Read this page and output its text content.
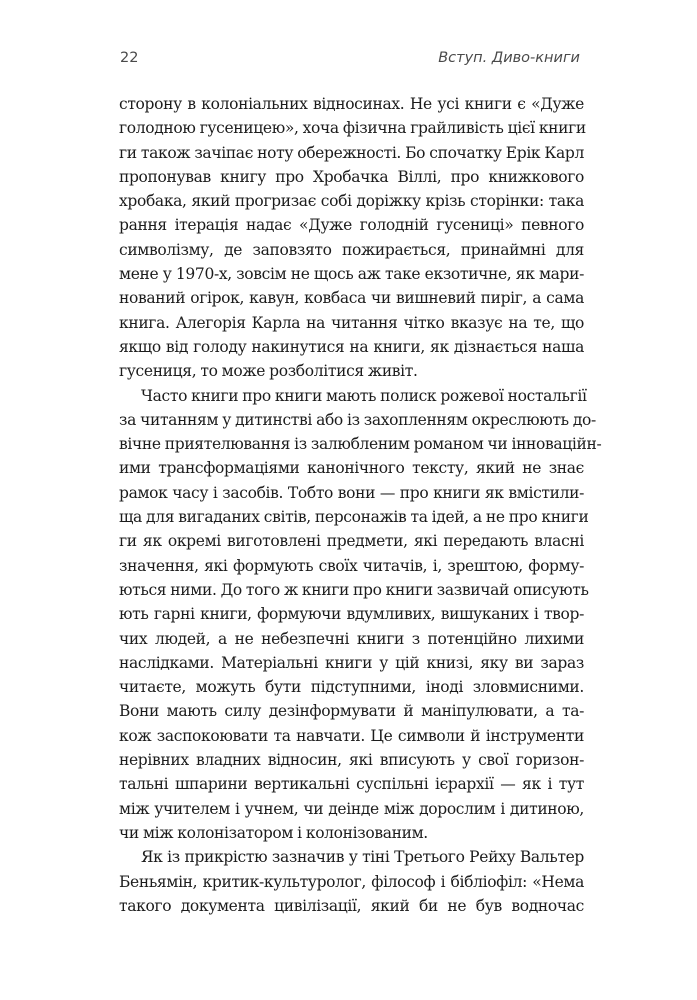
22	Вступ. Диво-книги
сторону в колоніальних відносинах. Не усі книги є «Дуже
голодною гусеницею», хоча фізична грайливість цієї книги
ги також зачіпає ноту обережності. Бо спочатку Ерік Карл
пропонував книгу про Хробачка Віллі, про книжкового
хробака, який прогризає собі доріжку крізь сторінки: така
рання ітерація надає «Дуже голодній гусениці» певного
символізму, де заповзято пожирається, принаймні для
мене у 1970-х, зовсім не щось аж таке екзотичне, як мари-
нований огірок, кавун, ковбаса чи вишневий пиріг, а сама
книга. Алегорія Карла на читання чітко вказує на те, що
якщо від голоду накинутися на книги, як дізнається наша
гусениця, то може розболітися живіт.
Часто книги про книги мають полиск рожевої ностальгії
за читанням у дитинстві або із захопленням окреслюють до-
вічне приятелювання із залюбленим романом чи інноваційн-
ими трансформаціями канонічного тексту, який не знає
рамок часу і засобів. Тобто вони — про книги як вмістили-
ща для вигаданих світів, персонажів та ідей, а не про книги
ги як окремі виготовлені предмети, які передають власні
значення, які формують своїх читачів, і, зрештою, форму-
ються ними. До того ж книги про книги зазвичай описують
ють гарні книги, формуючи вдумливих, вишуканих і твор-
чих людей, а не небезпечні книги з потенційно лихими
наслідками. Матеріальні книги у цій книзі, яку ви зараз
читаєте, можуть бути підступними, іноді зловмисними.
Вони мають силу дезінформувати й маніпулювати, а та-
кож заспокоювати та навчати. Це символи й інструменти
нерівних владних відносин, які вписують у свої горизон-
тальні шпарини вертикальні суспільні ієрархії — як і тут
між учителем і учнем, чи деінде між дорослим і дитиною,
чи між колонізатором і колонізованим.
Як із прикрістю зазначив у тіні Третього Рейху Вальтер
Беньямін, критик-культуролог, філософ і бібліофіл: «Нема
такого документа цивілізації, який би не був водночас
